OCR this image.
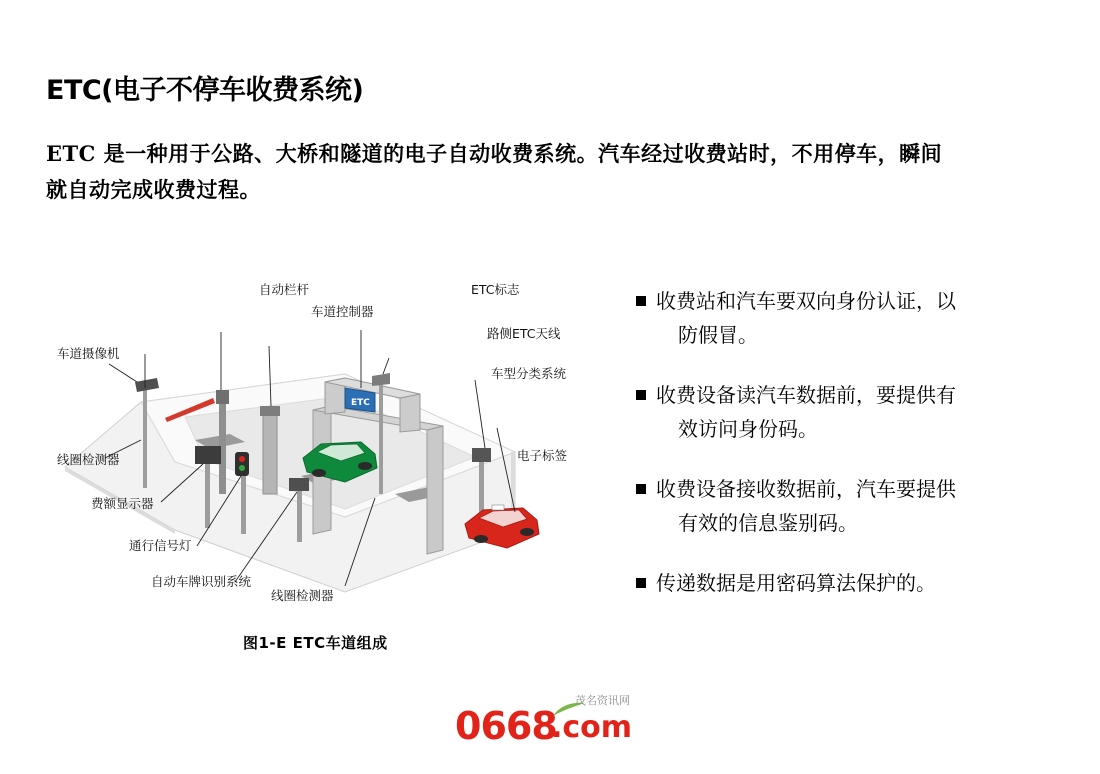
ETC(电子不停车收费系统)
ETC 是一种用于公路、大桥和隧道的电子自动收费系统。汽车经过收费站时，不用停车，瞬间
就自动完成收费过程。
收费站和汽车要双向身份认证，以
防假冒。
收费设备读汽车数据前，要提供有
效访问身份码。
收费设备接收数据前，汽车要提供
有效的信息鉴别码。
传递数据是用密码算法保护的。
ETC
车道摄像机
自动栏杆
车道控制器
ETC标志
路侧ETC天线
车型分类系统
线圈检测器
费额显示器
通行信号灯
自动车牌识别系统
线圈检测器
电子标签
图1-E ETC车道组成
0668
.com
茂名资讯网
